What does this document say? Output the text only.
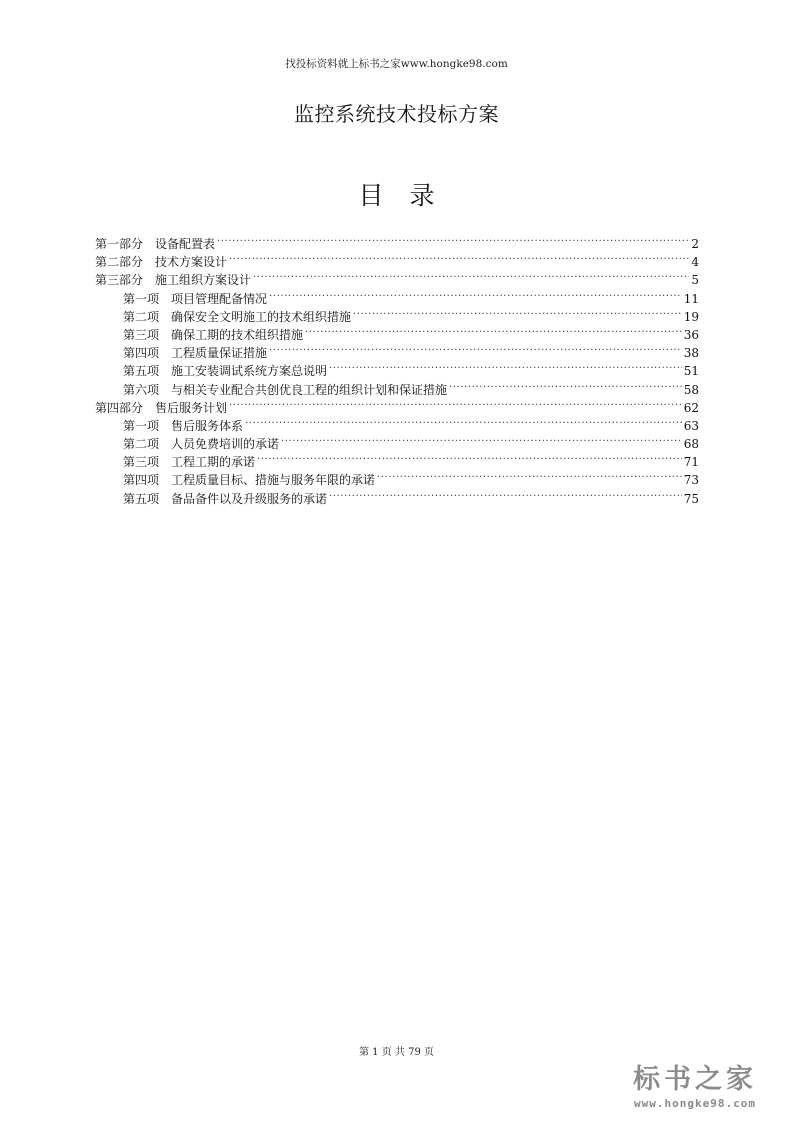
找投标资料就上标书之家www.hongke98.com
监控系统技术投标方案
目 录
第一部分 设备配置表 .....	2
第二部分 技术方案设计 .....	4
第三部分 施工组织方案设计 .....	5
第一项 项目管理配备情况 .....	11
第二项 确保安全文明施工的技术组织措施 .....	19
第三项 确保工期的技术组织措施 .....	36
第四项 工程质量保证措施 .....	38
第五项 施工安装调试系统方案总说明 .....	51
第六项 与相关专业配合共创优良工程的组织计划和保证措施 .....	58
第四部分 售后服务计划 .....	62
第一项 售后服务体系 .....	63
第二项 人员免费培训的承诺 .....	68
第三项 工程工期的承诺 .....	71
第四项 工程质量目标、措施与服务年限的承诺 .....	73
第五项 备品备件以及升级服务的承诺 .....	75
第 1 页 共 79 页
标书之家
www.hongke98.com
